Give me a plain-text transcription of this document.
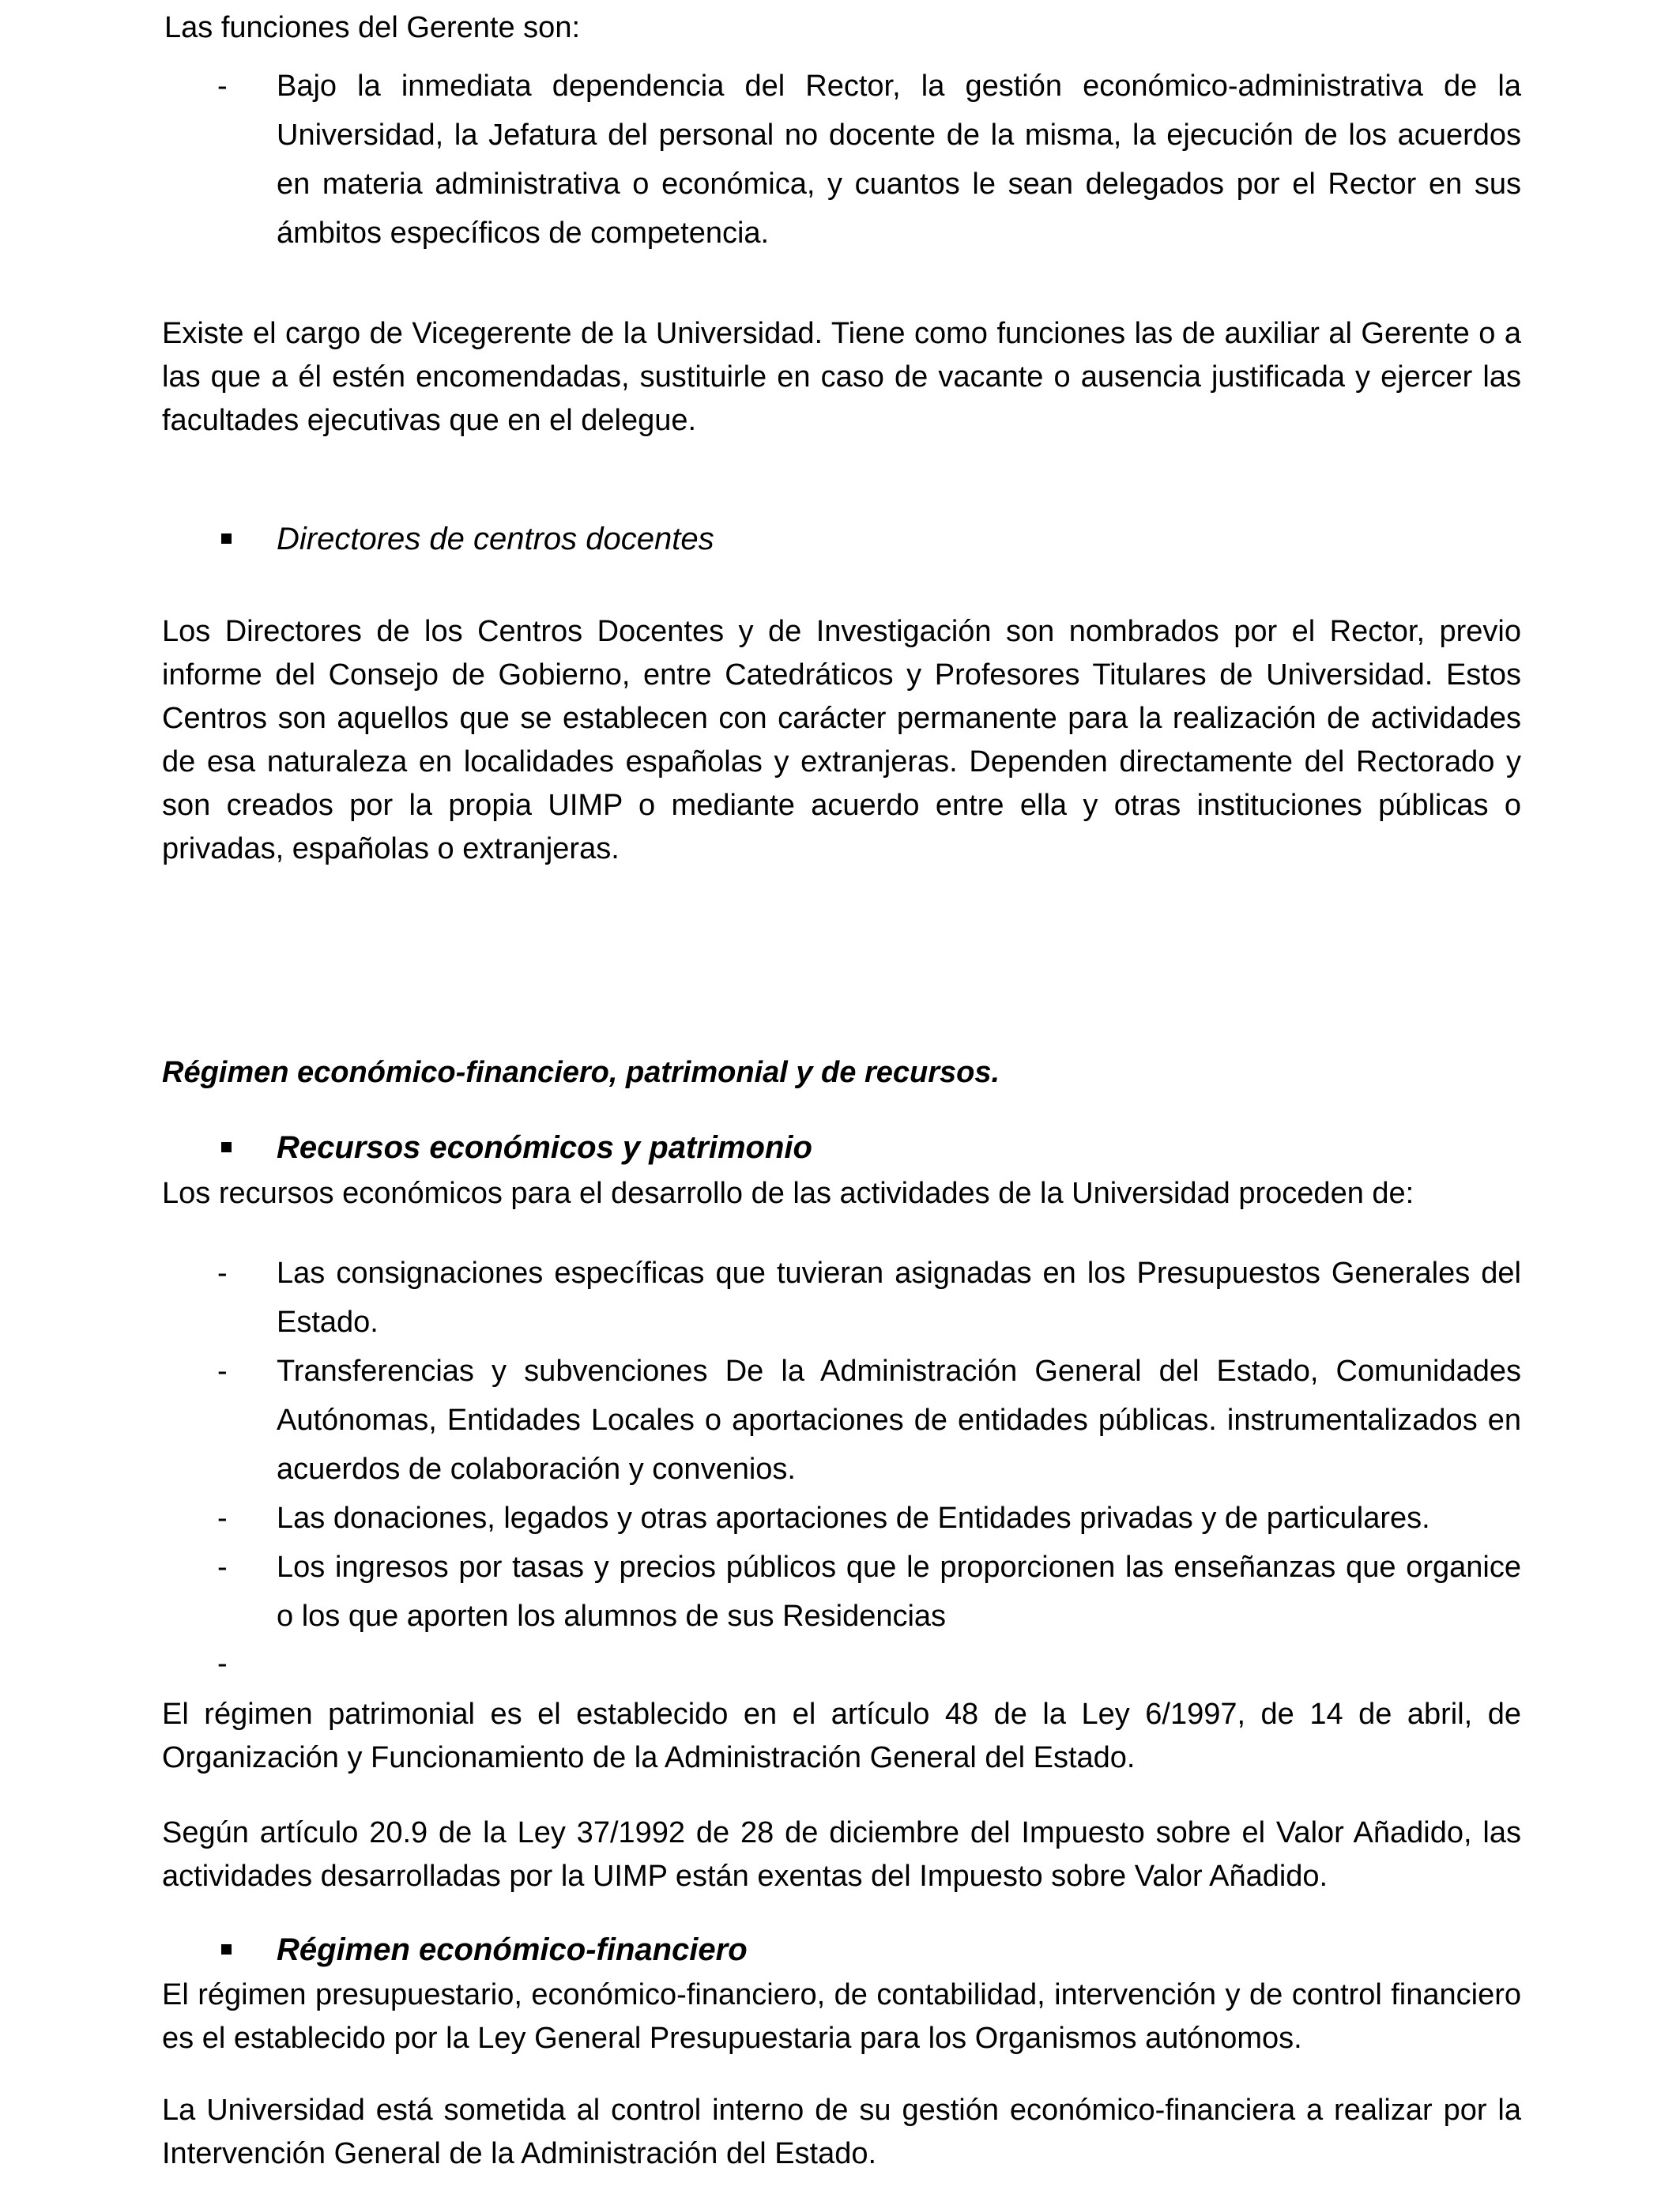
Las funciones del Gerente son:

- Bajo la inmediata dependencia del Rector, la gestión económico-administrativa de la Universidad, la Jefatura del personal no docente de la misma, la ejecución de los acuerdos en materia administrativa o económica, y cuantos le sean delegados por el Rector en sus ámbitos específicos de competencia.

Existe el cargo de Vicegerente de la Universidad. Tiene como funciones las de auxiliar al Gerente o a las que a él estén encomendadas, sustituirle en caso de vacante o ausencia justificada y ejercer las facultades ejecutivas que en el delegue.

Directores de centros docentes

Los Directores de los Centros Docentes y de Investigación son nombrados por el Rector, previo informe del Consejo de Gobierno, entre Catedráticos y Profesores Titulares de Universidad. Estos Centros son aquellos que se establecen con carácter permanente para la realización de actividades de esa naturaleza en localidades españolas y extranjeras. Dependen directamente del Rectorado y son creados por la propia UIMP o mediante acuerdo entre ella y otras instituciones públicas o privadas, españolas o extranjeras.

Régimen económico-financiero, patrimonial y de recursos.
Recursos económicos y patrimonio

Los recursos económicos para el desarrollo de las actividades de la Universidad proceden de:

- Las consignaciones específicas que tuvieran asignadas en los Presupuestos Generales del Estado.
- Transferencias y subvenciones De la Administración General del Estado, Comunidades Autónomas, Entidades Locales o aportaciones de entidades públicas. instrumentalizados en acuerdos de colaboración y convenios.
- Las donaciones, legados y otras aportaciones de Entidades privadas y de particulares.
- Los ingresos por tasas y precios públicos que le proporcionen las enseñanzas que organice o los que aporten los alumnos de sus Residencias
-

El régimen patrimonial es el establecido en el artículo 48 de la Ley 6/1997, de 14 de abril, de Organización y Funcionamiento de la Administración General del Estado.

Según artículo 20.9 de la Ley 37/1992 de 28 de diciembre del Impuesto sobre el Valor Añadido, las actividades desarrolladas por la UIMP están exentas del Impuesto sobre Valor Añadido.

Régimen económico-financiero

El régimen presupuestario, económico-financiero, de contabilidad, intervención y de control financiero es el establecido por la Ley General Presupuestaria para los Organismos autónomos.

La Universidad está sometida al control interno de su gestión económico-financiera a realizar por la Intervención General de la Administración del Estado.
